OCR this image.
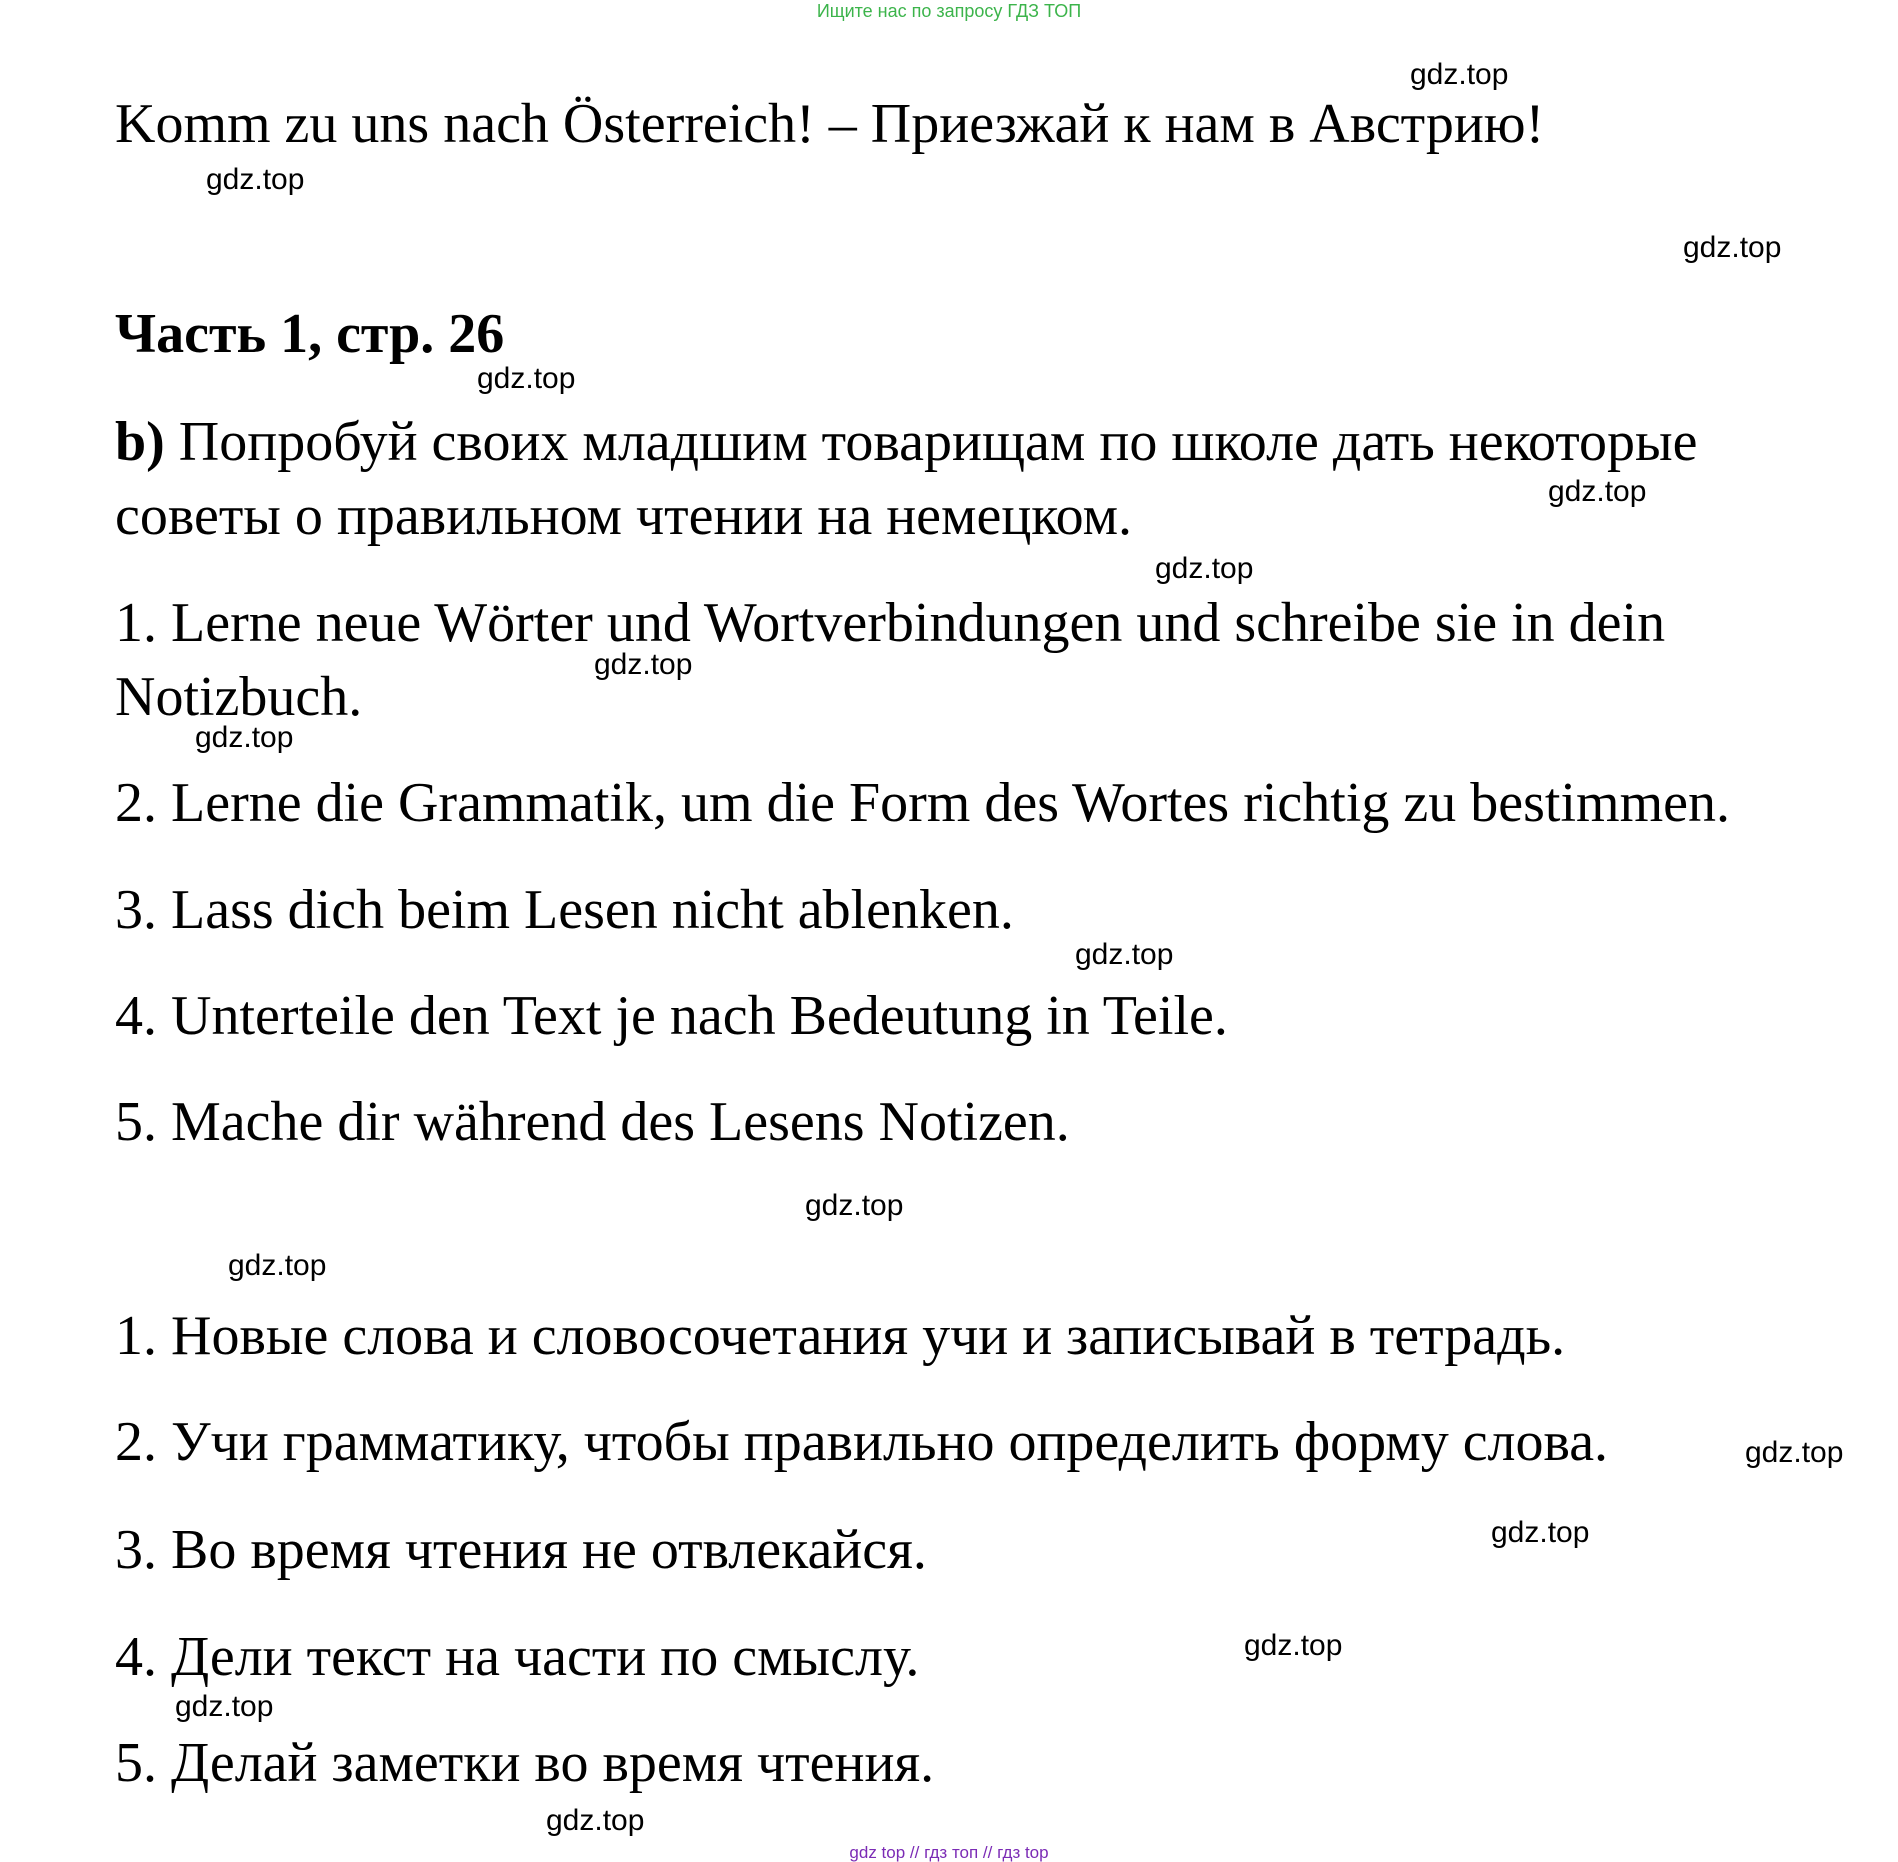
Ищите нас по запросу ГДЗ ТОП
Komm zu uns nach Österreich! – Приезжай к нам в Австрию!
Часть 1, стр. 26
b) Попробуй своих младшим товарищам по школе дать некоторые
советы о правильном чтении на немецком.
1. Lerne neue Wörter und Wortverbindungen und schreibe sie in dein
Notizbuch.
2. Lerne die Grammatik, um die Form des Wortes richtig zu bestimmen.
3. Lass dich beim Lesen nicht ablenken.
4. Unterteile den Text je nach Bedeutung in Teile.
5. Mache dir während des Lesens Notizen.
1. Новые слова и словосочетания учи и записывай в тетрадь.
2. Учи грамматику, чтобы правильно определить форму слова.
3. Во время чтения не отвлекайся.
4. Дели текст на части по смыслу.
5. Делай заметки во время чтения.
gdz.top
gdz.top
gdz.top
gdz.top
gdz.top
gdz.top
gdz.top
gdz.top
gdz.top
gdz.top
gdz.top
gdz.top
gdz.top
gdz.top
gdz.top
gdz.top
gdz top // гдз топ // гдз top
